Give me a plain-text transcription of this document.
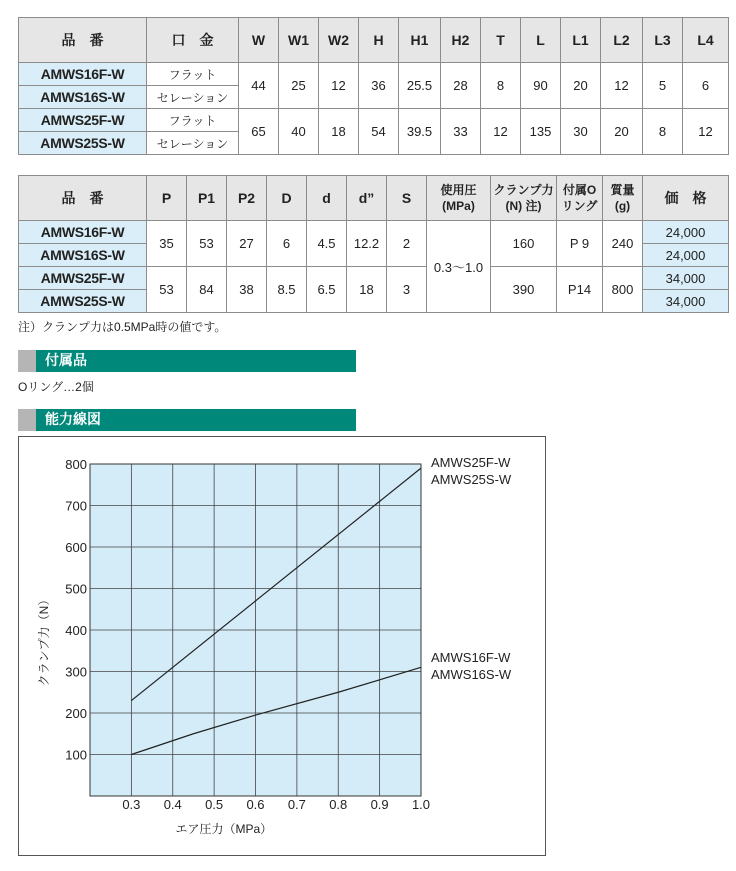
品　番	口　金	W	W1	W2	H	H1	H2	T	L	L1	L2	L3	L4
AMWS16F-W	フラット	44	25	12	36	25.5	28	8	90	20	12	5	6
AMWS16S-W	セレーション												
AMWS25F-W	フラット	65	40	18	54	39.5	33	12	135	30	20	8	12
AMWS25S-W	セレーション												
品　番	P	P1	P2	D	d	d”	S	使用圧(MPa)	クランプ力(N) 注)	付属Oリング	質量(g)	価　格
AMWS16F-W	35	53	27	6	4.5	12.2	2	0.3～1.0	160	P 9	240	24,000
AMWS16S-W												24,000
AMWS25F-W	53	84	38	8.5	6.5	18	3		390	P14	800	34,000
AMWS25S-W												34,000
注）クランプ力は0.5MPa時の値です。
付属品
Oリング…2個
能力線図
0.3 0.4 0.5 0.6 0.7 0.8 0.9 1.0
100
200
300
400
500
600
700
800
エア圧力（MPa）
クランプ力（N）
AMWS25F-W
AMWS25S-W
AMWS16F-W
AMWS16S-W
